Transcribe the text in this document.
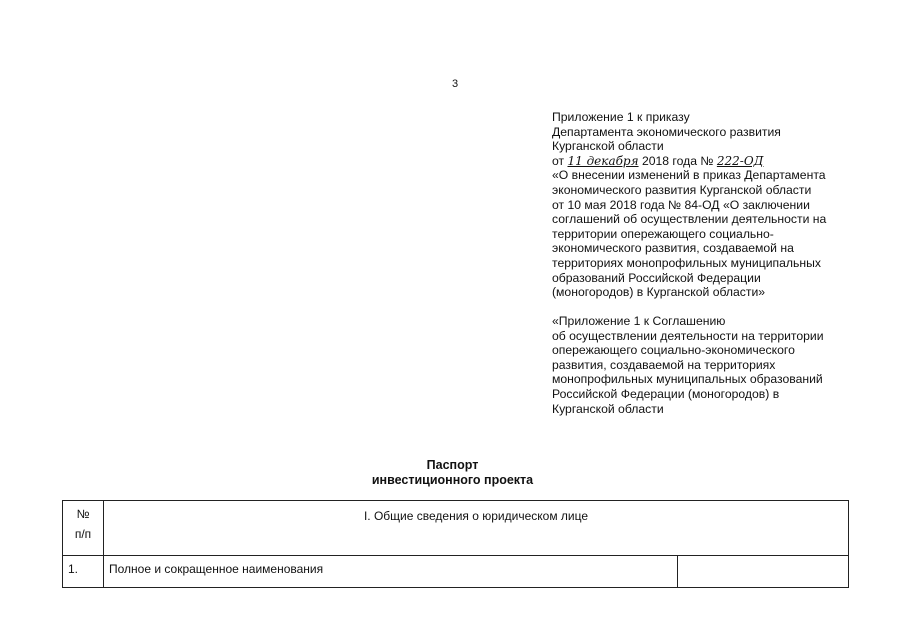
3
Приложение 1 к приказу
Департамента экономического развития
Курганской области
от 11 декабря 2018 года № 222-ОД
«О внесении изменений в приказ Департамента
экономического развития Курганской области
от 10 мая 2018 года № 84-ОД «О заключении
соглашений об осуществлении деятельности на
территории опережающего социально-
экономического развития, создаваемой на
территориях монопрофильных муниципальных
образований Российской Федерации
(моногородов) в Курганской области»
«Приложение 1 к Соглашению
об осуществлении деятельности на территории
опережающего социально-экономического
развития, создаваемой на территориях
монопрофильных муниципальных образований
Российской Федерации (моногородов) в
Курганской области
Паспорт
инвестиционного проекта
№
п/п	I. Общие сведения о юридическом лице	
1.	Полное и сокращенное наименования	
